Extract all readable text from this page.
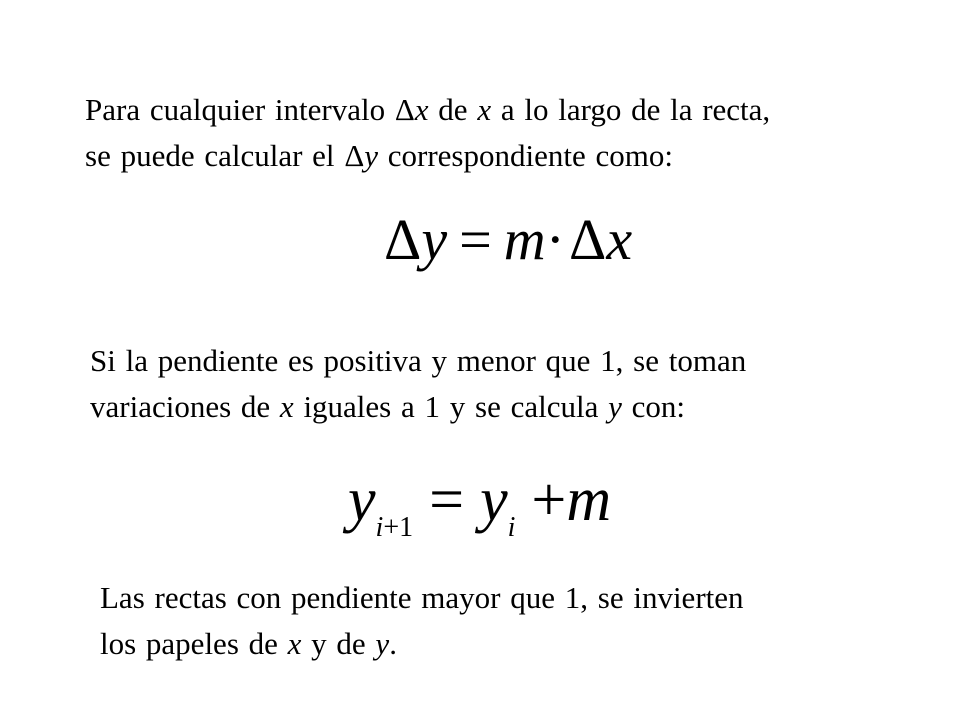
Para cualquier intervalo Δx de x a lo largo de la recta,
se puede calcular el Δy correspondiente como:
Δy = m·Δx
Si la pendiente es positiva y menor que 1, se toman
variaciones de x iguales a 1 y se calcula y con:
$y_{i+1} = y_i +m$
Las rectas con pendiente mayor que 1, se invierten
los papeles de x y de y.
